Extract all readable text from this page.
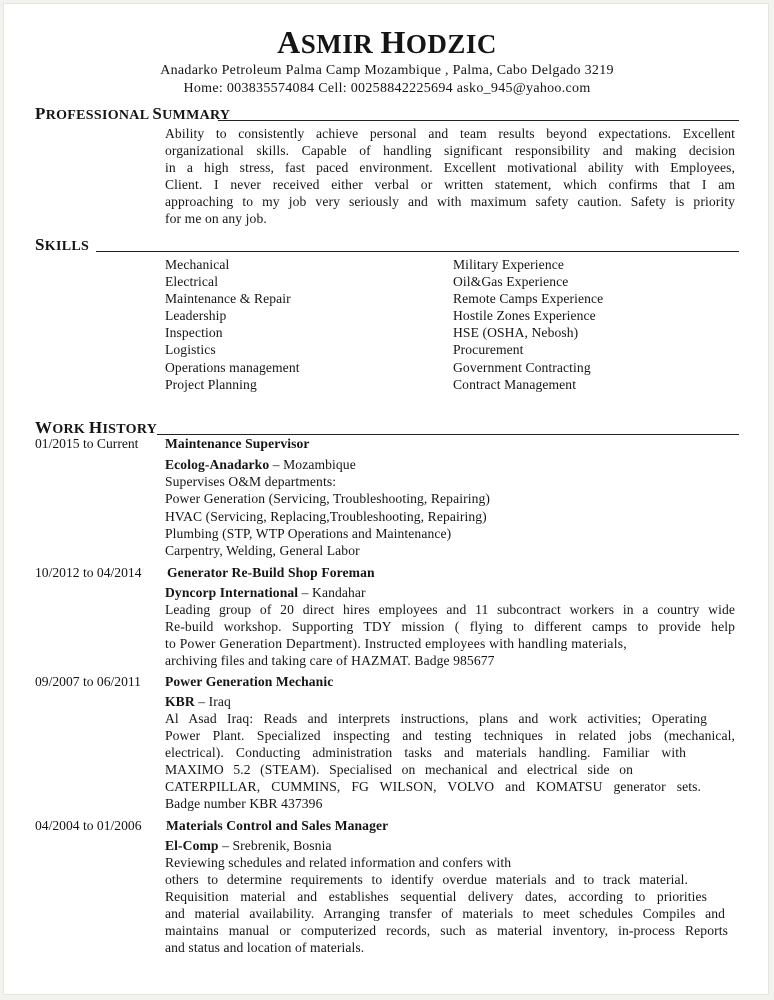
ASMIR HODZIC
Anadarko Petroleum Palma Camp Mozambique , Palma, Cabo Delgado 3219
Home: 003835574084 Cell: 00258842225694 asko_945@yahoo.com
PROFESSIONAL SUMMARY
Ability to consistently achieve personal and team results beyond expectations. Excellent
organizational skills. Capable of handling significant responsibility and making decision
in a high stress, fast paced environment. Excellent motivational ability with Employees,
Client. I never received either verbal or written statement, which confirms that I am
approaching to my job very seriously and with maximum safety caution. Safety is priority
for me on any job.
SKILLS
Mechanical
Electrical
Maintenance & Repair
Leadership
Inspection
Logistics
Operations management
Project Planning
Military Experience
Oil&Gas Experience
Remote Camps Experience
Hostile Zones Experience
HSE (OSHA, Nebosh)
Procurement
Government Contracting
Contract Management
WORK HISTORY
01/2015 to Current Maintenance Supervisor
Ecolog-Anadarko – Mozambique
Supervises O&M departments:
Power Generation (Servicing, Troubleshooting, Repairing)
HVAC (Servicing, Replacing,Troubleshooting, Repairing)
Plumbing (STP, WTP Operations and Maintenance)
Carpentry, Welding, General Labor
10/2012 to 04/2014 Generator Re-Build Shop Foreman
Dyncorp International – Kandahar
Leading group of 20 direct hires employees and 11 subcontract workers in a country wide
Re-build workshop. Supporting TDY mission ( flying to different camps to provide help
to Power Generation Department). Instructed employees with handling materials,
archiving files and taking care of HAZMAT. Badge 985677
09/2007 to 06/2011 Power Generation Mechanic
KBR – Iraq
Al Asad Iraq: Reads and interprets instructions, plans and work activities; Operating
Power Plant. Specialized inspecting and testing techniques in related jobs (mechanical,
electrical). Conducting administration tasks and materials handling. Familiar with
MAXIMO 5.2 (STEAM). Specialised on mechanical and electrical side on
CATERPILLAR, CUMMINS, FG WILSON, VOLVO and KOMATSU generator sets.
Badge number KBR 437396
04/2004 to 01/2006 Materials Control and Sales Manager
El-Comp – Srebrenik, Bosnia
Reviewing schedules and related information and confers with
others to determine requirements to identify overdue materials and to track material.
Requisition material and establishes sequential delivery dates, according to priorities
and material availability. Arranging transfer of materials to meet schedules Compiles and
maintains manual or computerized records, such as material inventory, in-process Reports
and status and location of materials.
